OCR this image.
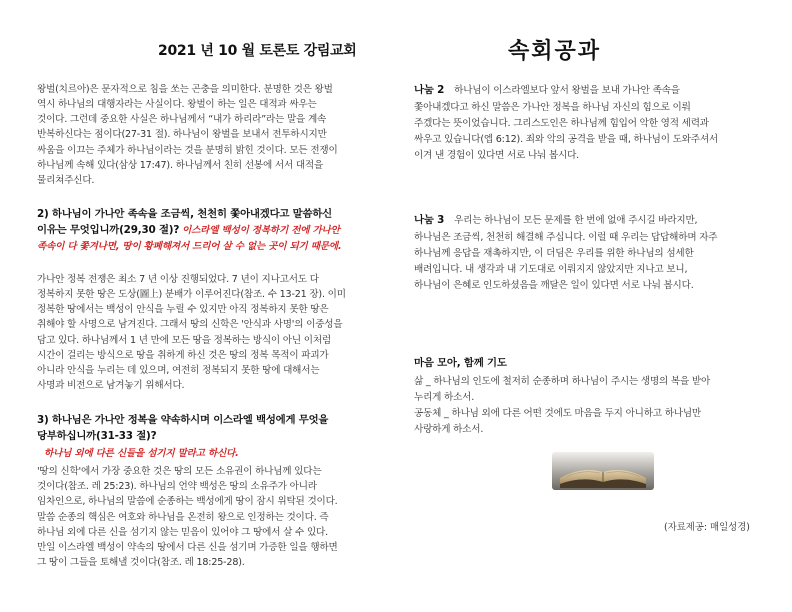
2021 년 10 월 토론토 강림교회	속회공과
왕벌(치르아)은 문자적으로 침을 쏘는 곤충을 의미한다. 분명한 것은 왕벌
역시 하나님의 대행자라는 사실이다. 왕벌이 하는 일은 대적과 싸우는
것이다. 그런데 중요한 사실은 하나님께서 “내가 하리라”라는 말을 계속
반복하신다는 점이다(27-31 절). 하나님이 왕벌을 보내서 전투하시지만
싸움을 이끄는 주체가 하나님이라는 것을 분명히 밝힌 것이다. 모든 전쟁이
하나님께 속해 있다(삼상 17:47). 하나님께서 친히 선봉에 서서 대적을
물리쳐주신다.
2) 하나님이 가나안 족속을 조금씩, 천천히 쫓아내겠다고 말씀하신
이유는 무엇입니까(29,30 절)? 이스라엘 백성이 정복하기 전에 가나안
족속이 다 쫓겨나면, 땅이 황폐해져서 드리어 살 수 없는 곳이 되기 때문에.
가나안 정복 전쟁은 최소 7 년 이상 진행되었다. 7 년이 지나고서도 다
정복하지 못한 땅은 도상(圖上) 분배가 이루어진다(참조. 수 13-21 장). 이미
정복한 땅에서는 백성이 안식을 누릴 수 있지만 아직 정복하지 못한 땅은
취해야 할 사명으로 남겨진다. 그래서 땅의 신학은 '안식과 사명'의 이중성을
담고 있다. 하나님께서 1 년 만에 모든 땅을 정복하는 방식이 아닌 이처럼
시간이 걸리는 방식으로 땅을 취하게 하신 것은 땅의 정복 목적이 파괴가
아니라 안식을 누리는 데 있으며, 여전히 정복되지 못한 땅에 대해서는
사명과 비전으로 남겨놓기 위해서다.
3) 하나님은 가나안 정복을 약속하시며 이스라엘 백성에게 무엇을
당부하십니까(31-33 절)?
하나님 외에 다른 신들을 섬기지 말라고 하신다.
'땅의 신학'에서 가장 중요한 것은 땅의 모든 소유권이 하나님께 있다는
것이다(참조. 레 25:23). 하나님의 언약 백성은 땅의 소유주가 아니라
임차인으로, 하나님의 말씀에 순종하는 백성에게 땅이 잠시 위탁된 것이다.
말씀 순종의 핵심은 여호와 하나님을 온전히 왕으로 인정하는 것이다. 즉
하나님 외에 다른 신을 섬기지 않는 믿음이 있어야 그 땅에서 살 수 있다.
만일 이스라엘 백성이 약속의 땅에서 다른 신을 섬기며 가증한 일을 행하면
그 땅이 그들을 토해낼 것이다(참조. 레 18:25-28).
나눔 2 하나님이 이스라엘보다 앞서 왕벌을 보내 가나안 족속을
쫓아내겠다고 하신 말씀은 가나안 정복을 하나님 자신의 힘으로 이뤄
주겠다는 뜻이었습니다. 그리스도인은 하나님께 힘입어 악한 영적 세력과
싸우고 있습니다(엡 6:12). 죄와 악의 공격을 받을 때, 하나님이 도와주셔서
이겨 낸 경험이 있다면 서로 나눠 봅시다.
나눔 3 우리는 하나님이 모든 문제를 한 번에 없애 주시길 바라지만,
하나님은 조금씩, 천천히 해결해 주십니다. 이럴 때 우리는 답답해하며 자주
하나님께 응답을 재촉하지만, 이 더딤은 우리를 위한 하나님의 섬세한
배려입니다. 내 생각과 내 기도대로 이뤄지지 않았지만 지나고 보니,
하나님이 은혜로 인도하셨음을 깨달은 일이 있다면 서로 나눠 봅시다.
마음 모아, 함께 기도
삶 _ 하나님의 인도에 철저히 순종하며 하나님이 주시는 생명의 복을 받아
누리게 하소서.
공동체 _ 하나님 외에 다른 어떤 것에도 마음을 두지 아니하고 하나님만
사랑하게 하소서.
(자료제공: 매일성경)
